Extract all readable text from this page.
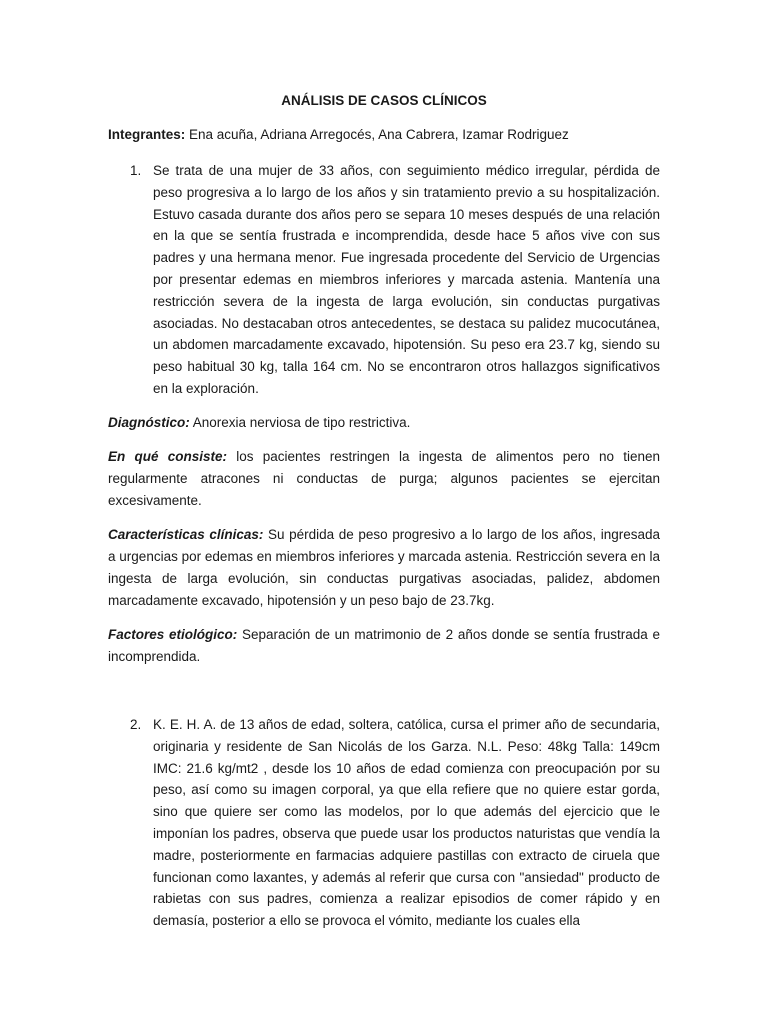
ANÁLISIS DE CASOS CLÍNICOS
Integrantes: Ena acuña, Adriana Arregocés, Ana Cabrera, Izamar Rodriguez
1. Se trata de una mujer de 33 años, con seguimiento médico irregular, pérdida de peso progresiva a lo largo de los años y sin tratamiento previo a su hospitalización. Estuvo casada durante dos años pero se separa 10 meses después de una relación en la que se sentía frustrada e incomprendida, desde hace 5 años vive con sus padres y una hermana menor. Fue ingresada procedente del Servicio de Urgencias por presentar edemas en miembros inferiores y marcada astenia. Mantenía una restricción severa de la ingesta de larga evolución, sin conductas purgativas asociadas. No destacaban otros antecedentes, se destaca su palidez mucocutánea, un abdomen marcadamente excavado, hipotensión. Su peso era 23.7 kg, siendo su peso habitual 30 kg, talla 164 cm. No se encontraron otros hallazgos significativos en la exploración.
Diagnóstico: Anorexia nerviosa de tipo restrictiva.
En qué consiste: los pacientes restringen la ingesta de alimentos pero no tienen regularmente atracones ni conductas de purga; algunos pacientes se ejercitan excesivamente.
Características clínicas: Su pérdida de peso progresivo a lo largo de los años, ingresada a urgencias por edemas en miembros inferiores y marcada astenia. Restricción severa en la ingesta de larga evolución, sin conductas purgativas asociadas, palidez, abdomen marcadamente excavado, hipotensión y un peso bajo de 23.7kg.
Factores etiológico: Separación de un matrimonio de 2 años donde se sentía frustrada e incomprendida.
2. K. E. H. A. de 13 años de edad, soltera, católica, cursa el primer año de secundaria, originaria y residente de San Nicolás de los Garza. N.L. Peso: 48kg Talla: 149cm IMC: 21.6 kg/mt2 , desde los 10 años de edad comienza con preocupación por su peso, así como su imagen corporal, ya que ella refiere que no quiere estar gorda, sino que quiere ser como las modelos, por lo que además del ejercicio que le imponían los padres, observa que puede usar los productos naturistas que vendía la madre, posteriormente en farmacias adquiere pastillas con extracto de ciruela que funcionan como laxantes, y además al referir que cursa con "ansiedad" producto de rabietas con sus padres, comienza a realizar episodios de comer rápido y en demasía, posterior a ello se provoca el vómito, mediante los cuales ella
